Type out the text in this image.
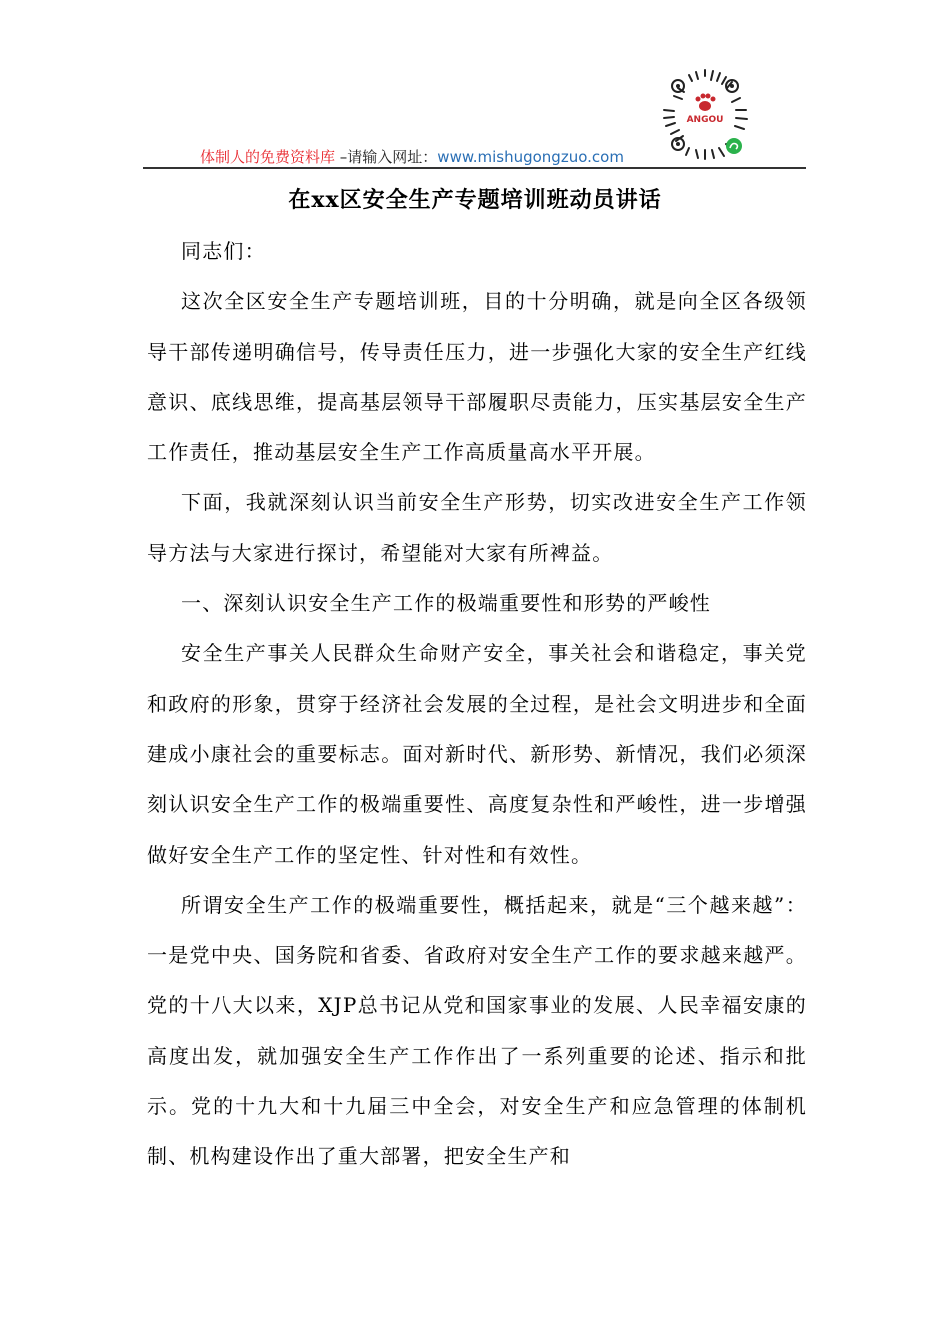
体制人的免费资料库 –请输入网址：www.mishugongzuo.com
ANGOU
在xx区安全生产专题培训班动员讲话

同志们：

这次全区安全生产专题培训班，目的十分明确，就是向全区各级领导干部传递明确信号，传导责任压力，进一步强化大家的安全生产红线意识、底线思维，提高基层领导干部履职尽责能力，压实基层安全生产工作责任，推动基层安全生产工作高质量高水平开展。

下面，我就深刻认识当前安全生产形势，切实改进安全生产工作领导方法与大家进行探讨，希望能对大家有所裨益。

一、深刻认识安全生产工作的极端重要性和形势的严峻性

安全生产事关人民群众生命财产安全，事关社会和谐稳定，事关党和政府的形象，贯穿于经济社会发展的全过程，是社会文明进步和全面建成小康社会的重要标志。面对新时代、新形势、新情况，我们必须深刻认识安全生产工作的极端重要性、高度复杂性和严峻性，进一步增强做好安全生产工作的坚定性、针对性和有效性。

所谓安全生产工作的极端重要性，概括起来，就是“三个越来越”：一是党中央、国务院和省委、省政府对安全生产工作的要求越来越严。党的十八大以来，XJP总书记从党和国家事业的发展、人民幸福安康的高度出发，就加强安全生产工作作出了一系列重要的论述、指示和批示。党的十九大和十九届三中全会，对安全生产和应急管理的体制机制、机构建设作出了重大部署，把安全生产和
